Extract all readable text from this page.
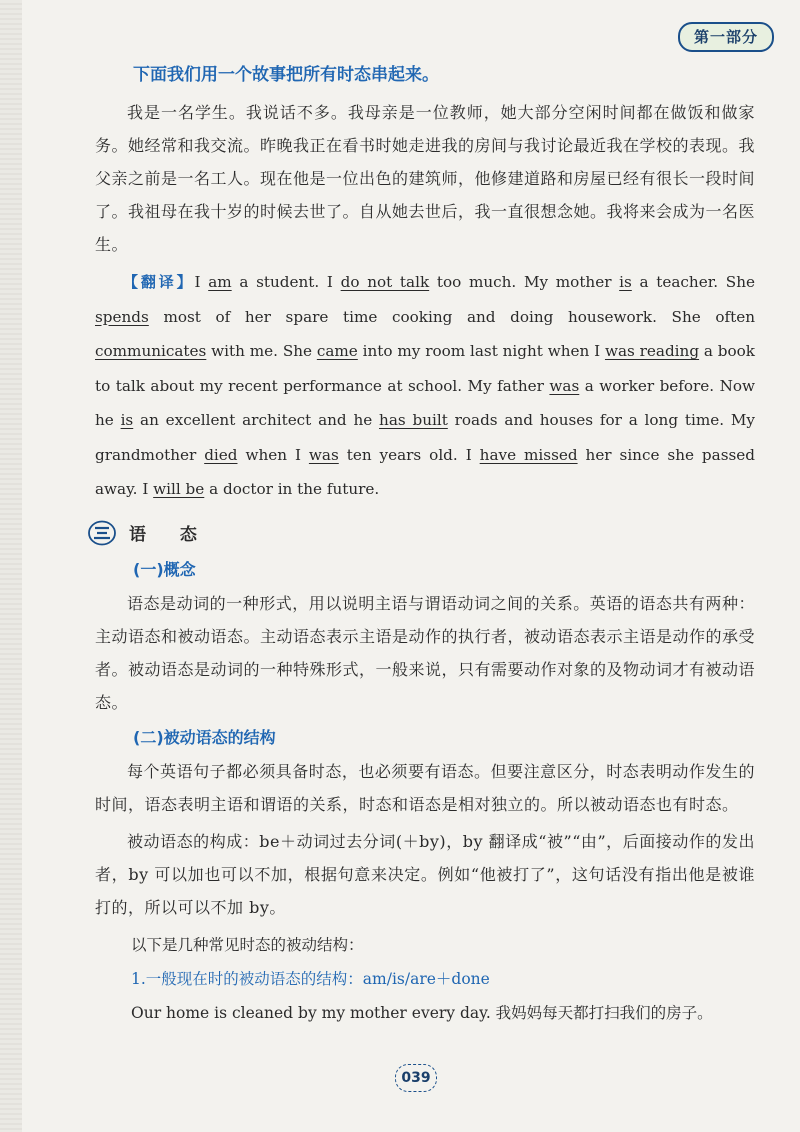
第一部分
下面我们用一个故事把所有时态串起来。

我是一名学生。我说话不多。我母亲是一位教师，她大部分空闲时间都在做饭和做家务。她经常和我交流。昨晚我正在看书时她走进我的房间与我讨论最近我在学校的表现。我父亲之前是一名工人。现在他是一位出色的建筑师，他修建道路和房屋已经有很长一段时间了。我祖母在我十岁的时候去世了。自从她去世后，我一直很想念她。我将来会成为一名医生。

【翻译】I am a student. I do not talk too much. My mother is a teacher. She spends most of her spare time cooking and doing housework. She often communicates with me. She came into my room last night when I was reading a book to talk about my recent performance at school. My father was a worker before. Now he is an excellent architect and he has built roads and houses for a long time. My grandmother died when I was ten years old. I have missed her since she passed away. I will be a doctor in the future.

语 态
(一)概念

语态是动词的一种形式，用以说明主语与谓语动词之间的关系。英语的语态共有两种：主动语态和被动语态。主动语态表示主语是动作的执行者，被动语态表示主语是动作的承受者。被动语态是动词的一种特殊形式，一般来说，只有需要动作对象的及物动词才有被动语态。

(二)被动语态的结构

每个英语句子都必须具备时态，也必须要有语态。但要注意区分，时态表明动作发生的时间，语态表明主语和谓语的关系，时态和语态是相对独立的。所以被动语态也有时态。

被动语态的构成：be＋动词过去分词(＋by)，by 翻译成“被”“由”，后面接动作的发出者，by 可以加也可以不加，根据句意来决定。例如“他被打了”，这句话没有指出他是被谁打的，所以可以不加 by。

以下是几种常见时态的被动结构：
1.一般现在时的被动语态的结构：am/is/are＋done
Our home is cleaned by my mother every day. 我妈妈每天都打扫我们的房子。
039
